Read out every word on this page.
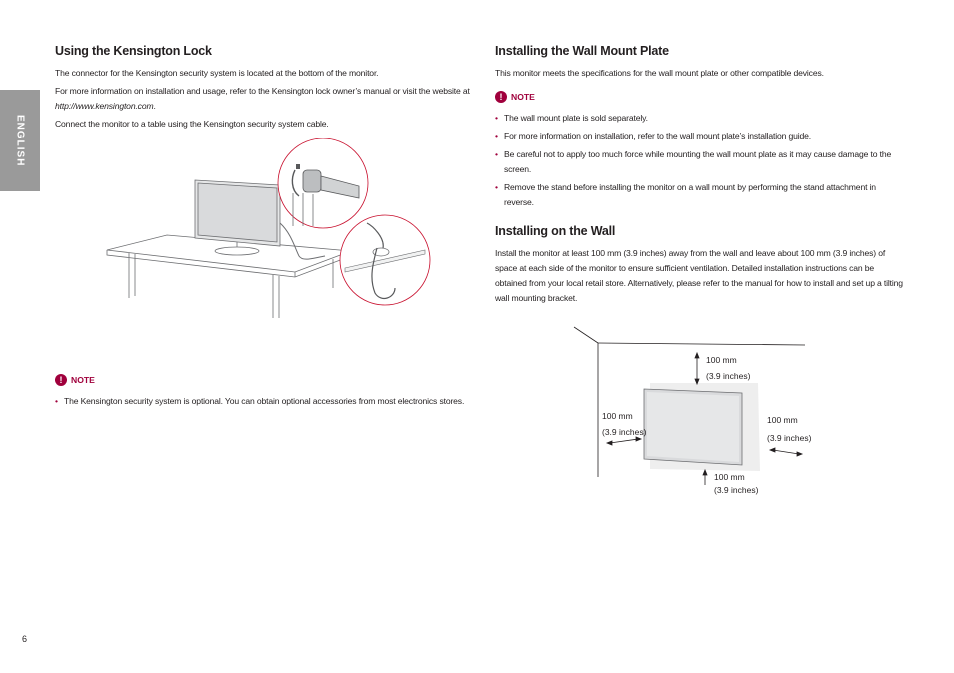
ENGLISH
Using the Kensington Lock

The connector for the Kensington security system is located at the bottom of the monitor.

For more information on installation and usage, refer to the Kensington lock owner’s manual or visit the website at http://www.kensington.com.

Connect the monitor to a table using the Kensington security system cable.

! NOTE
• The Kensington security system is optional. You can obtain optional accessories from most electronics stores.
Installing the Wall Mount Plate

This monitor meets the specifications for the wall mount plate or other compatible devices.

! NOTE
• The wall mount plate is sold separately.
• For more information on installation, refer to the wall mount plate’s installation guide.
• Be careful not to apply too much force while mounting the wall mount plate as it may cause damage to the screen.
• Remove the stand before installing the monitor on a wall mount by performing the stand attachment in reverse.
Installing on the Wall

Install the monitor at least 100 mm (3.9 inches) away from the wall and leave about 100 mm (3.9 inches) of space at each side of the monitor to ensure sufficient ventilation. Detailed installation instructions can be obtained from your local retail store. Alternatively, please refer to the manual for how to install and set up a tilting wall mounting bracket.

100 mm
(3.9 inches)
100 mm
(3.9 inches)
100 mm
(3.9 inches)
100 mm
(3.9 inches)
6
